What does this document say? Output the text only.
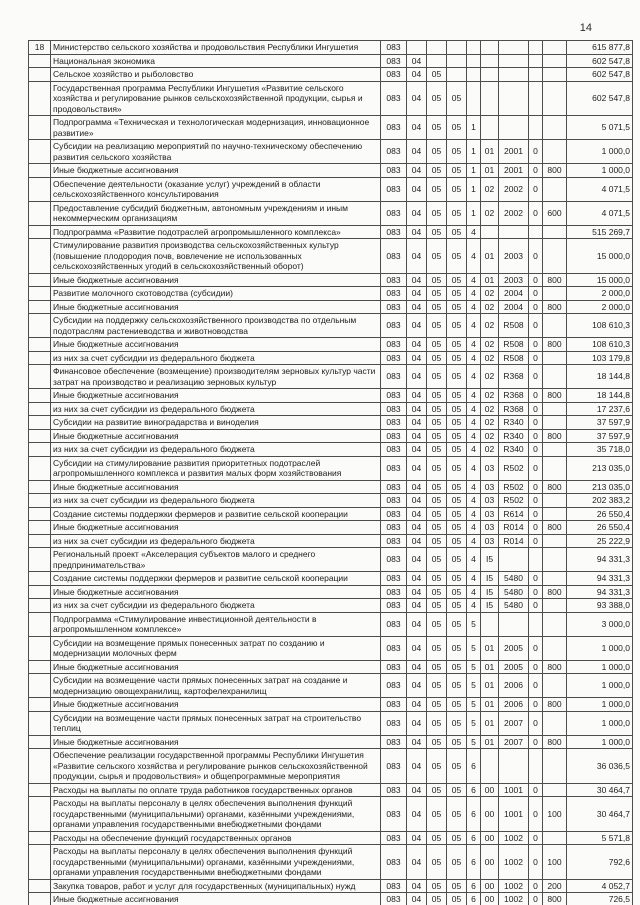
14
18	Министерство сельского хозяйства и продовольствия Республики Ингушетия	083									615 877,8
	Национальная экономика	083	04								602 547,8
	Сельское хозяйство и рыболовство	083	04	05							602 547,8
	Государственная программа Республики Ингушетия «Развитие сельского хозяйства и регулирование рынков сельскохозяйственной продукции, сырья и продовольствия»	083	04	05	05						602 547,8
	Подпрограмма «Техническая и технологическая модернизация, инновационное развитие»	083	04	05	05	1					5 071,5
	Субсидии на реализацию мероприятий по научно-техническому обеспечению развития сельского хозяйства	083	04	05	05	1	01	2001	0		1 000,0
	Иные бюджетные ассигнования	083	04	05	05	1	01	2001	0	800	1 000,0
	Обеспечение деятельности (оказание услуг) учреждений в области сельскохозяйственного консультирования	083	04	05	05	1	02	2002	0		4 071,5
	Предоставление субсидий бюджетным, автономным учреждениям и иным некоммерческим организациям	083	04	05	05	1	02	2002	0	600	4 071,5
	Подпрограмма «Развитие подотраслей агропромышленного комплекса»	083	04	05	05	4					515 269,7
	Стимулирование развития производства сельскохозяйственных культур (повышение плодородия почв, вовлечение не использованных сельскохозяйственных угодий в сельскохозяйственный оборот)	083	04	05	05	4	01	2003	0		15 000,0
	Иные бюджетные ассигнования	083	04	05	05	4	01	2003	0	800	15 000,0
	Развитие молочного скотоводства (субсидии)	083	04	05	05	4	02	2004	0		2 000,0
	Иные бюджетные ассигнования	083	04	05	05	4	02	2004	0	800	2 000,0
	Субсидии на поддержку сельскохозяйственного производства по отдельным подотраслям растениеводства и животноводства	083	04	05	05	4	02	R508	0		108 610,3
	Иные бюджетные ассигнования	083	04	05	05	4	02	R508	0	800	108 610,3
	из них за счет субсидии из федерального бюджета	083	04	05	05	4	02	R508	0		103 179,8
	Финансовое обеспечение (возмещение) производителям зерновых культур части затрат на производство и реализацию зерновых культур	083	04	05	05	4	02	R368	0		18 144,8
	Иные бюджетные ассигнования	083	04	05	05	4	02	R368	0	800	18 144,8
	из них за счет субсидии из федерального бюджета	083	04	05	05	4	02	R368	0		17 237,6
	Субсидии на развитие виноградарства и виноделия	083	04	05	05	4	02	R340	0		37 597,9
	Иные бюджетные ассигнования	083	04	05	05	4	02	R340	0	800	37 597,9
	из них за счет субсидии из федерального бюджета	083	04	05	05	4	02	R340	0		35 718,0
	Субсидии на стимулирование развития приоритетных подотраслей агропромышленного комплекса и развития малых форм хозяйствования	083	04	05	05	4	03	R502	0		213 035,0
	Иные бюджетные ассигнования	083	04	05	05	4	03	R502	0	800	213 035,0
	из них за счет субсидии из федерального бюджета	083	04	05	05	4	03	R502	0		202 383,2
	Создание системы поддержки фермеров и развитие сельской кооперации	083	04	05	05	4	03	R614	0		26 550,4
	Иные бюджетные ассигнования	083	04	05	05	4	03	R014	0	800	26 550,4
	из них за счет субсидии из федерального бюджета	083	04	05	05	4	03	R014	0		25 222,9
	Региональный проект «Акселерация субъектов малого и среднего предпринимательства»	083	04	05	05	4	I5				94 331,3
	Создание системы поддержки фермеров и развитие сельской кооперации	083	04	05	05	4	I5	5480	0		94 331,3
	Иные бюджетные ассигнования	083	04	05	05	4	I5	5480	0	800	94 331,3
	из них за счет субсидии из федерального бюджета	083	04	05	05	4	I5	5480	0		93 388,0
	Подпрограмма «Стимулирование инвестиционной деятельности в агропромышленном комплексе»	083	04	05	05	5					3 000,0
	Субсидии на возмещение прямых понесенных затрат по созданию и модернизации молочных ферм	083	04	05	05	5	01	2005	0		1 000,0
	Иные бюджетные ассигнования	083	04	05	05	5	01	2005	0	800	1 000,0
	Субсидии на возмещение части прямых понесенных затрат на создание и модернизацию овощехранилищ, картофелехранилищ	083	04	05	05	5	01	2006	0		1 000,0
	Иные бюджетные ассигнования	083	04	05	05	5	01	2006	0	800	1 000,0
	Субсидии на возмещение части прямых понесенных затрат на строительство теплиц	083	04	05	05	5	01	2007	0		1 000,0
	Иные бюджетные ассигнования	083	04	05	05	5	01	2007	0	800	1 000,0
	Обеспечение реализации государственной программы Республики Ингушетия «Развитие сельского хозяйства и регулирование рынков сельскохозяйственной продукции, сырья и продовольствия» и общепрограммные мероприятия	083	04	05	05	6					36 036,5
	Расходы на выплаты по оплате труда работников государственных органов	083	04	05	05	6	00	1001	0		30 464,7
	Расходы на выплаты персоналу в целях обеспечения выполнения функций государственными (муниципальными) органами, казёнными учреждениями, органами управления государственными внебюджетными фондами	083	04	05	05	6	00	1001	0	100	30 464,7
	Расходы на обеспечение функций государственных органов	083	04	05	05	6	00	1002	0		5 571,8
	Расходы на выплаты персоналу в целях обеспечения выполнения функций государственными (муниципальными) органами, казёнными учреждениями, органами управления государственными внебюджетными фондами	083	04	05	05	6	00	1002	0	100	792,6
	Закупка товаров, работ и услуг для государственных (муниципальных) нужд	083	04	05	05	6	00	1002	0	200	4 052,7
	Иные бюджетные ассигнования	083	04	05	05	6	00	1002	0	800	726,5
